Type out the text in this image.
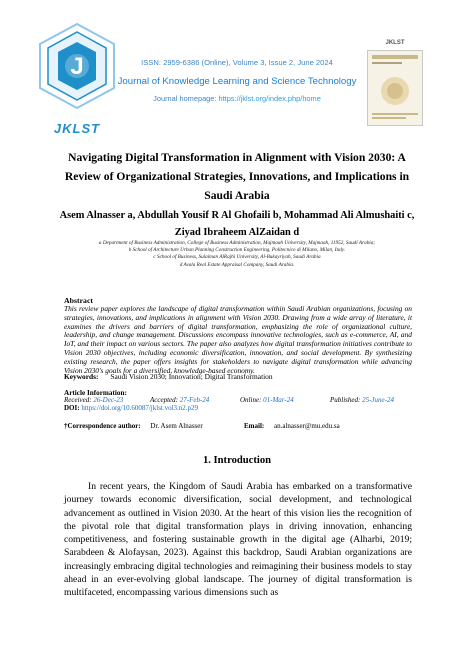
J
JKLST
ISSN: 2959-6386 (Online), Volume 3, Issue 2, June 2024
Journal of Knowledge Learning and Science Technology
Journal homepage: https://jklst.org/index.php/home
JKLST
Navigating Digital Transformation in Alignment with Vision 2030: A Review of Organizational Strategies, Innovations, and Implications in Saudi Arabia
Asem Alnasser a, Abdullah Yousif R Al Ghofaili b, Mohammad Ali Almushaiti c,
Ziyad Ibraheem AlZaidan d
a Department of Business Administration, College of Business Administration, Majmaah University, Majmaah, 11952, Saudi Arabia;
b School of Architecture Urban Planning Construction Engineering, Politecnico di Milano, Milan, Italy.
c School of Business, Sulaiman AlRajhi University, Al-Bukayriyah, Saudi Arabia
d Avala Real Estate Appraisal Company, Saudi Arabia.
Abstract
This review paper explores the landscape of digital transformation within Saudi Arabian organizations, focusing on strategies, innovations, and implications in alignment with Vision 2030. Drawing from a wide array of literature, it examines the drivers and barriers of digital transformation, emphasizing the role of organizational culture, leadership, and change management. Discussions encompass innovative technologies, such as e-commerce, AI, and IoT, and their impact on various sectors. The paper also analyzes how digital transformation initiatives contribute to Vision 2030 objectives, including economic diversification, innovation, and social development. By synthesizing existing research, the paper offers insights for stakeholders to navigate digital transformation while advancing Vision 2030's goals for a diversified, knowledge-based economy.
Keywords: Saudi Vision 2030; Innovation; Digital Transformation
Article Information:
Received: 26-Dec-23	Accepted: 27-Feb-24	Online: 01-Mar-24	Published: 25-June-24
DOI: https://doi.org/10.60087/jklst.vol3.n2.p29
†Correspondence author: Dr. Asem Alnasser	Email: an.alnasser@mu.edu.sa
1. Introduction
In recent years, the Kingdom of Saudi Arabia has embarked on a transformative journey towards economic diversification, social development, and technological advancement as outlined in Vision 2030. At the heart of this vision lies the recognition of the pivotal role that digital transformation plays in driving innovation, enhancing competitiveness, and fostering sustainable growth in the digital age (Alharbi, 2019; Sarabdeen & Alofaysan, 2023). Against this backdrop, Saudi Arabian organizations are increasingly embracing digital technologies and reimagining their business models to stay ahead in an ever-evolving global landscape. The journey of digital transformation is multifaceted, encompassing various dimensions such as
